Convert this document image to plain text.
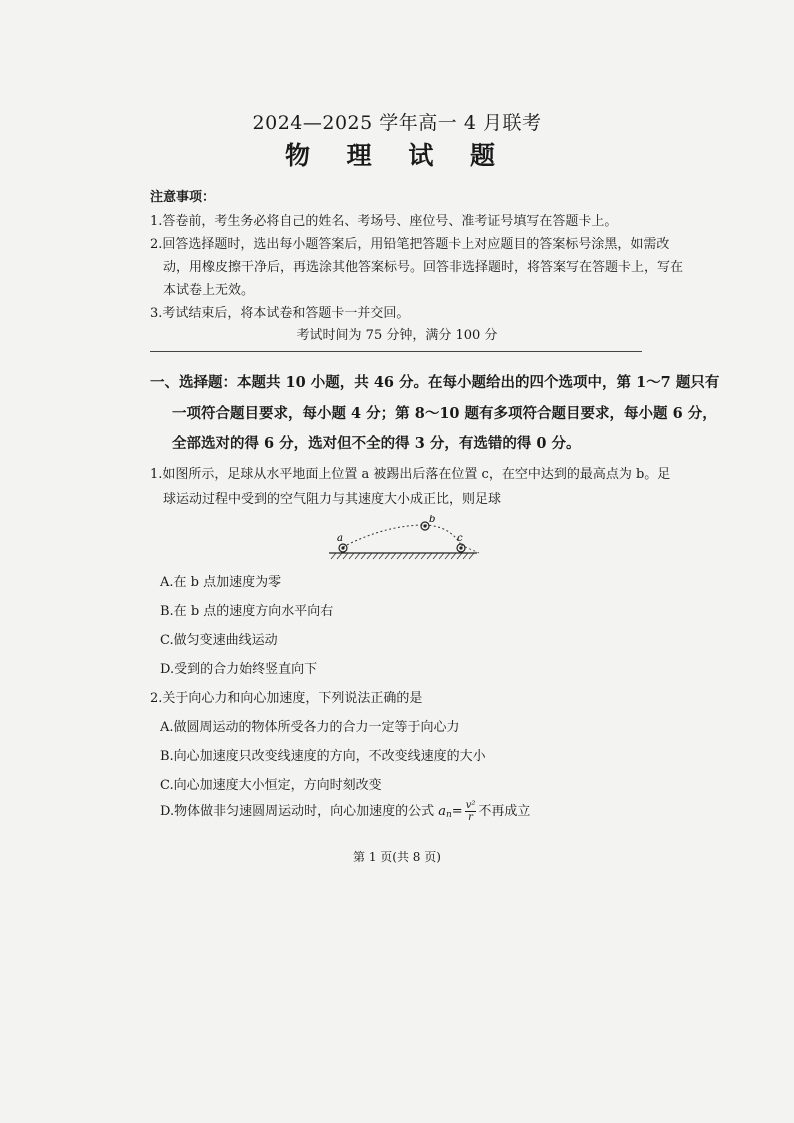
2024—2025 学年高一 4 月联考
物 理 试 题
注意事项：
1.答卷前，考生务必将自己的姓名、考场号、座位号、准考证号填写在答题卡上。
2.回答选择题时，选出每小题答案后，用铅笔把答题卡上对应题目的答案标号涂黑，如需改
动，用橡皮擦干净后，再选涂其他答案标号。回答非选择题时，将答案写在答题卡上，写在
本试卷上无效。
3.考试结束后，将本试卷和答题卡一并交回。
考试时间为 75 分钟，满分 100 分
一、选择题：本题共 10 小题，共 46 分。在每小题给出的四个选项中，第 1～7 题只有
一项符合题目要求，每小题 4 分；第 8～10 题有多项符合题目要求，每小题 6 分，
全部选对的得 6 分，选对但不全的得 3 分，有选错的得 0 分。
1.如图所示，足球从水平地面上位置 a 被踢出后落在位置 c，在空中达到的最高点为 b。足
球运动过程中受到的空气阻力与其速度大小成正比，则足球
a
b
c
A.在 b 点加速度为零
B.在 b 点的速度方向水平向右
C.做匀变速曲线运动
D.受到的合力始终竖直向下
2.关于向心力和向心加速度，下列说法正确的是
A.做圆周运动的物体所受各力的合力一定等于向心力
B.向心加速度只改变线速度的方向，不改变线速度的大小
C.向心加速度大小恒定，方向时刻改变
D.物体做非匀速圆周运动时，向心加速度的公式 $a_n= \frac{\text{v²}}{r}$ 不再成立
第 1 页(共 8 页)
